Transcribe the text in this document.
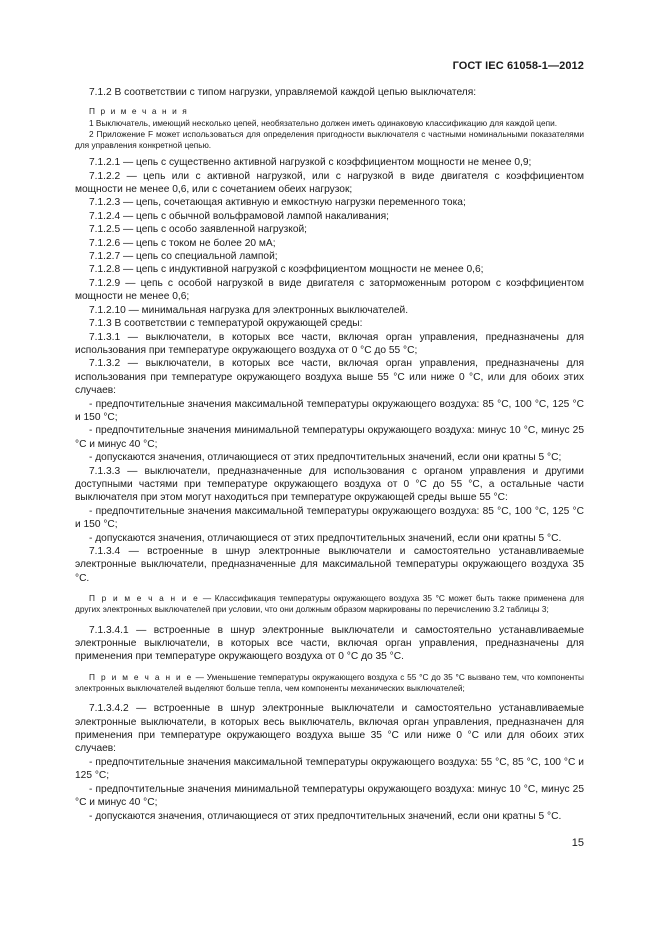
ГОСТ IEC 61058-1—2012

7.1.2 В соответствии с типом нагрузки, управляемой каждой цепью выключателя:

П р и м е ч а н и я

1 Выключатель, имеющий несколько цепей, необязательно должен иметь одинаковую классификацию для каждой цепи.

2 Приложение F может использоваться для определения пригодности выключателя с частными номинальными показателями для управления конкретной цепью.

7.1.2.1 — цепь с существенно активной нагрузкой с коэффициентом мощности не менее 0,9;

7.1.2.2 — цепь или с активной нагрузкой, или с нагрузкой в виде двигателя с коэффициентом мощности не менее 0,6, или с сочетанием обеих нагрузок;

7.1.2.3 — цепь, сочетающая активную и емкостную нагрузки переменного тока;

7.1.2.4 — цепь с обычной вольфрамовой лампой накаливания;

7.1.2.5 — цепь с особо заявленной нагрузкой;

7.1.2.6 — цепь с током не более 20 мА;

7.1.2.7 — цепь со специальной лампой;

7.1.2.8 — цепь с индуктивной нагрузкой с коэффициентом мощности не менее 0,6;

7.1.2.9 — цепь с особой нагрузкой в виде двигателя с заторможенным ротором с коэффициентом мощности не менее 0,6;

7.1.2.10 — минимальная нагрузка для электронных выключателей.

7.1.3 В соответствии с температурой окружающей среды:

7.1.3.1 — выключатели, в которых все части, включая орган управления, предназначены для использования при температуре окружающего воздуха от 0 °С до 55 °С;

7.1.3.2 — выключатели, в которых все части, включая орган управления, предназначены для использования при температуре окружающего воздуха выше 55 °С или ниже 0 °С, или для обоих этих случаев:

- предпочтительные значения максимальной температуры окружающего воздуха: 85 °С, 100 °С, 125 °С и 150 °С;

- предпочтительные значения минимальной температуры окружающего воздуха: минус 10 °С, минус 25 °С и минус 40 °С;

- допускаются значения, отличающиеся от этих предпочтительных значений, если они кратны 5 °С;

7.1.3.3 — выключатели, предназначенные для использования с органом управления и другими доступными частями при температуре окружающего воздуха от 0 °С до 55 °С, а остальные части выключателя при этом могут находиться при температуре окружающей среды выше 55 °С:

- предпочтительные значения максимальной температуры окружающего воздуха: 85 °С, 100 °С, 125 °С и 150 °С;

- допускаются значения, отличающиеся от этих предпочтительных значений, если они кратны 5 °С.

7.1.3.4 — встроенные в шнур электронные выключатели и самостоятельно устанавливаемые электронные выключатели, предназначенные для максимальной температуры окружающего воздуха 35 °С.

П р и м е ч а н и е — Классификация температуры окружающего воздуха 35 °С может быть также применена для других электронных выключателей при условии, что они должным образом маркированы по перечислению 3.2 таблицы 3;

7.1.3.4.1 — встроенные в шнур электронные выключатели и самостоятельно устанавливаемые электронные выключатели, в которых все части, включая орган управления, предназначены для применения при температуре окружающего воздуха от 0 °С до 35 °С.

П р и м е ч а н и е — Уменьшение температуры окружающего воздуха с 55 °С до 35 °С вызвано тем, что компоненты электронных выключателей выделяют больше тепла, чем компоненты механических выключателей;

7.1.3.4.2 — встроенные в шнур электронные выключатели и самостоятельно устанавливаемые электронные выключатели, в которых весь выключатель, включая орган управления, предназначен для применения при температуре окружающего воздуха выше 35 °С или ниже 0 °С или для обоих этих случаев:

- предпочтительные значения максимальной температуры окружающего воздуха: 55 °С, 85 °С, 100 °С и 125 °С;

- предпочтительные значения минимальной температуры окружающего воздуха: минус 10 °С, минус 25 °С и минус 40 °С;

- допускаются значения, отличающиеся от этих предпочтительных значений, если они кратны 5 °С.

15
